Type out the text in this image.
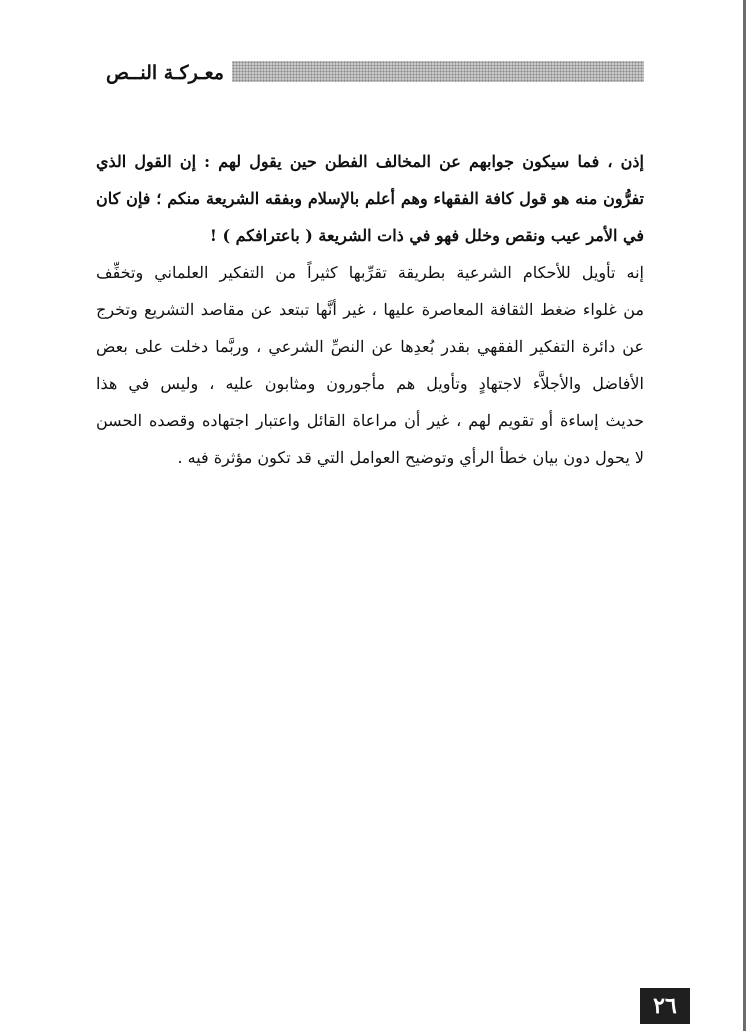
معـركـة النــص

إذن ، فما سيكون جوابهم عن المخالف الفطن حين يقول لهم : إن القول الذي
تفرُّون منه هو قول كافة الفقهاء وهم أعلم بالإسلام وبفقه الشريعة منكم ؛ فإن كان
في الأمر عيب ونقص وخلل فهو في ذات الشريعة ( باعترافكم ) !

إنه تأويل للأحكام الشرعية بطريقة تقرِّبها كثيراً من التفكير العلماني وتخفِّف
من غلواء ضغط الثقافة المعاصرة عليها ، غير أنَّها تبتعد عن مقاصد التشريع وتخرج
عن دائرة التفكير الفقهي بقدر بُعدِها عن النصِّ الشرعي ، وربَّما دخلت على بعض
الأفاضل والأجلاَّء لاجتهادٍ وتأويل هم مأجورون ومثابون عليه ، وليس في هذا
حديث إساءة أو تقويم لهم ، غير أن مراعاة القائل واعتبار اجتهاده وقصده الحسن
لا يحول دون بيان خطأ الرأي وتوضيح العوامل التي قد تكون مؤثرة فيه .

٢٦
